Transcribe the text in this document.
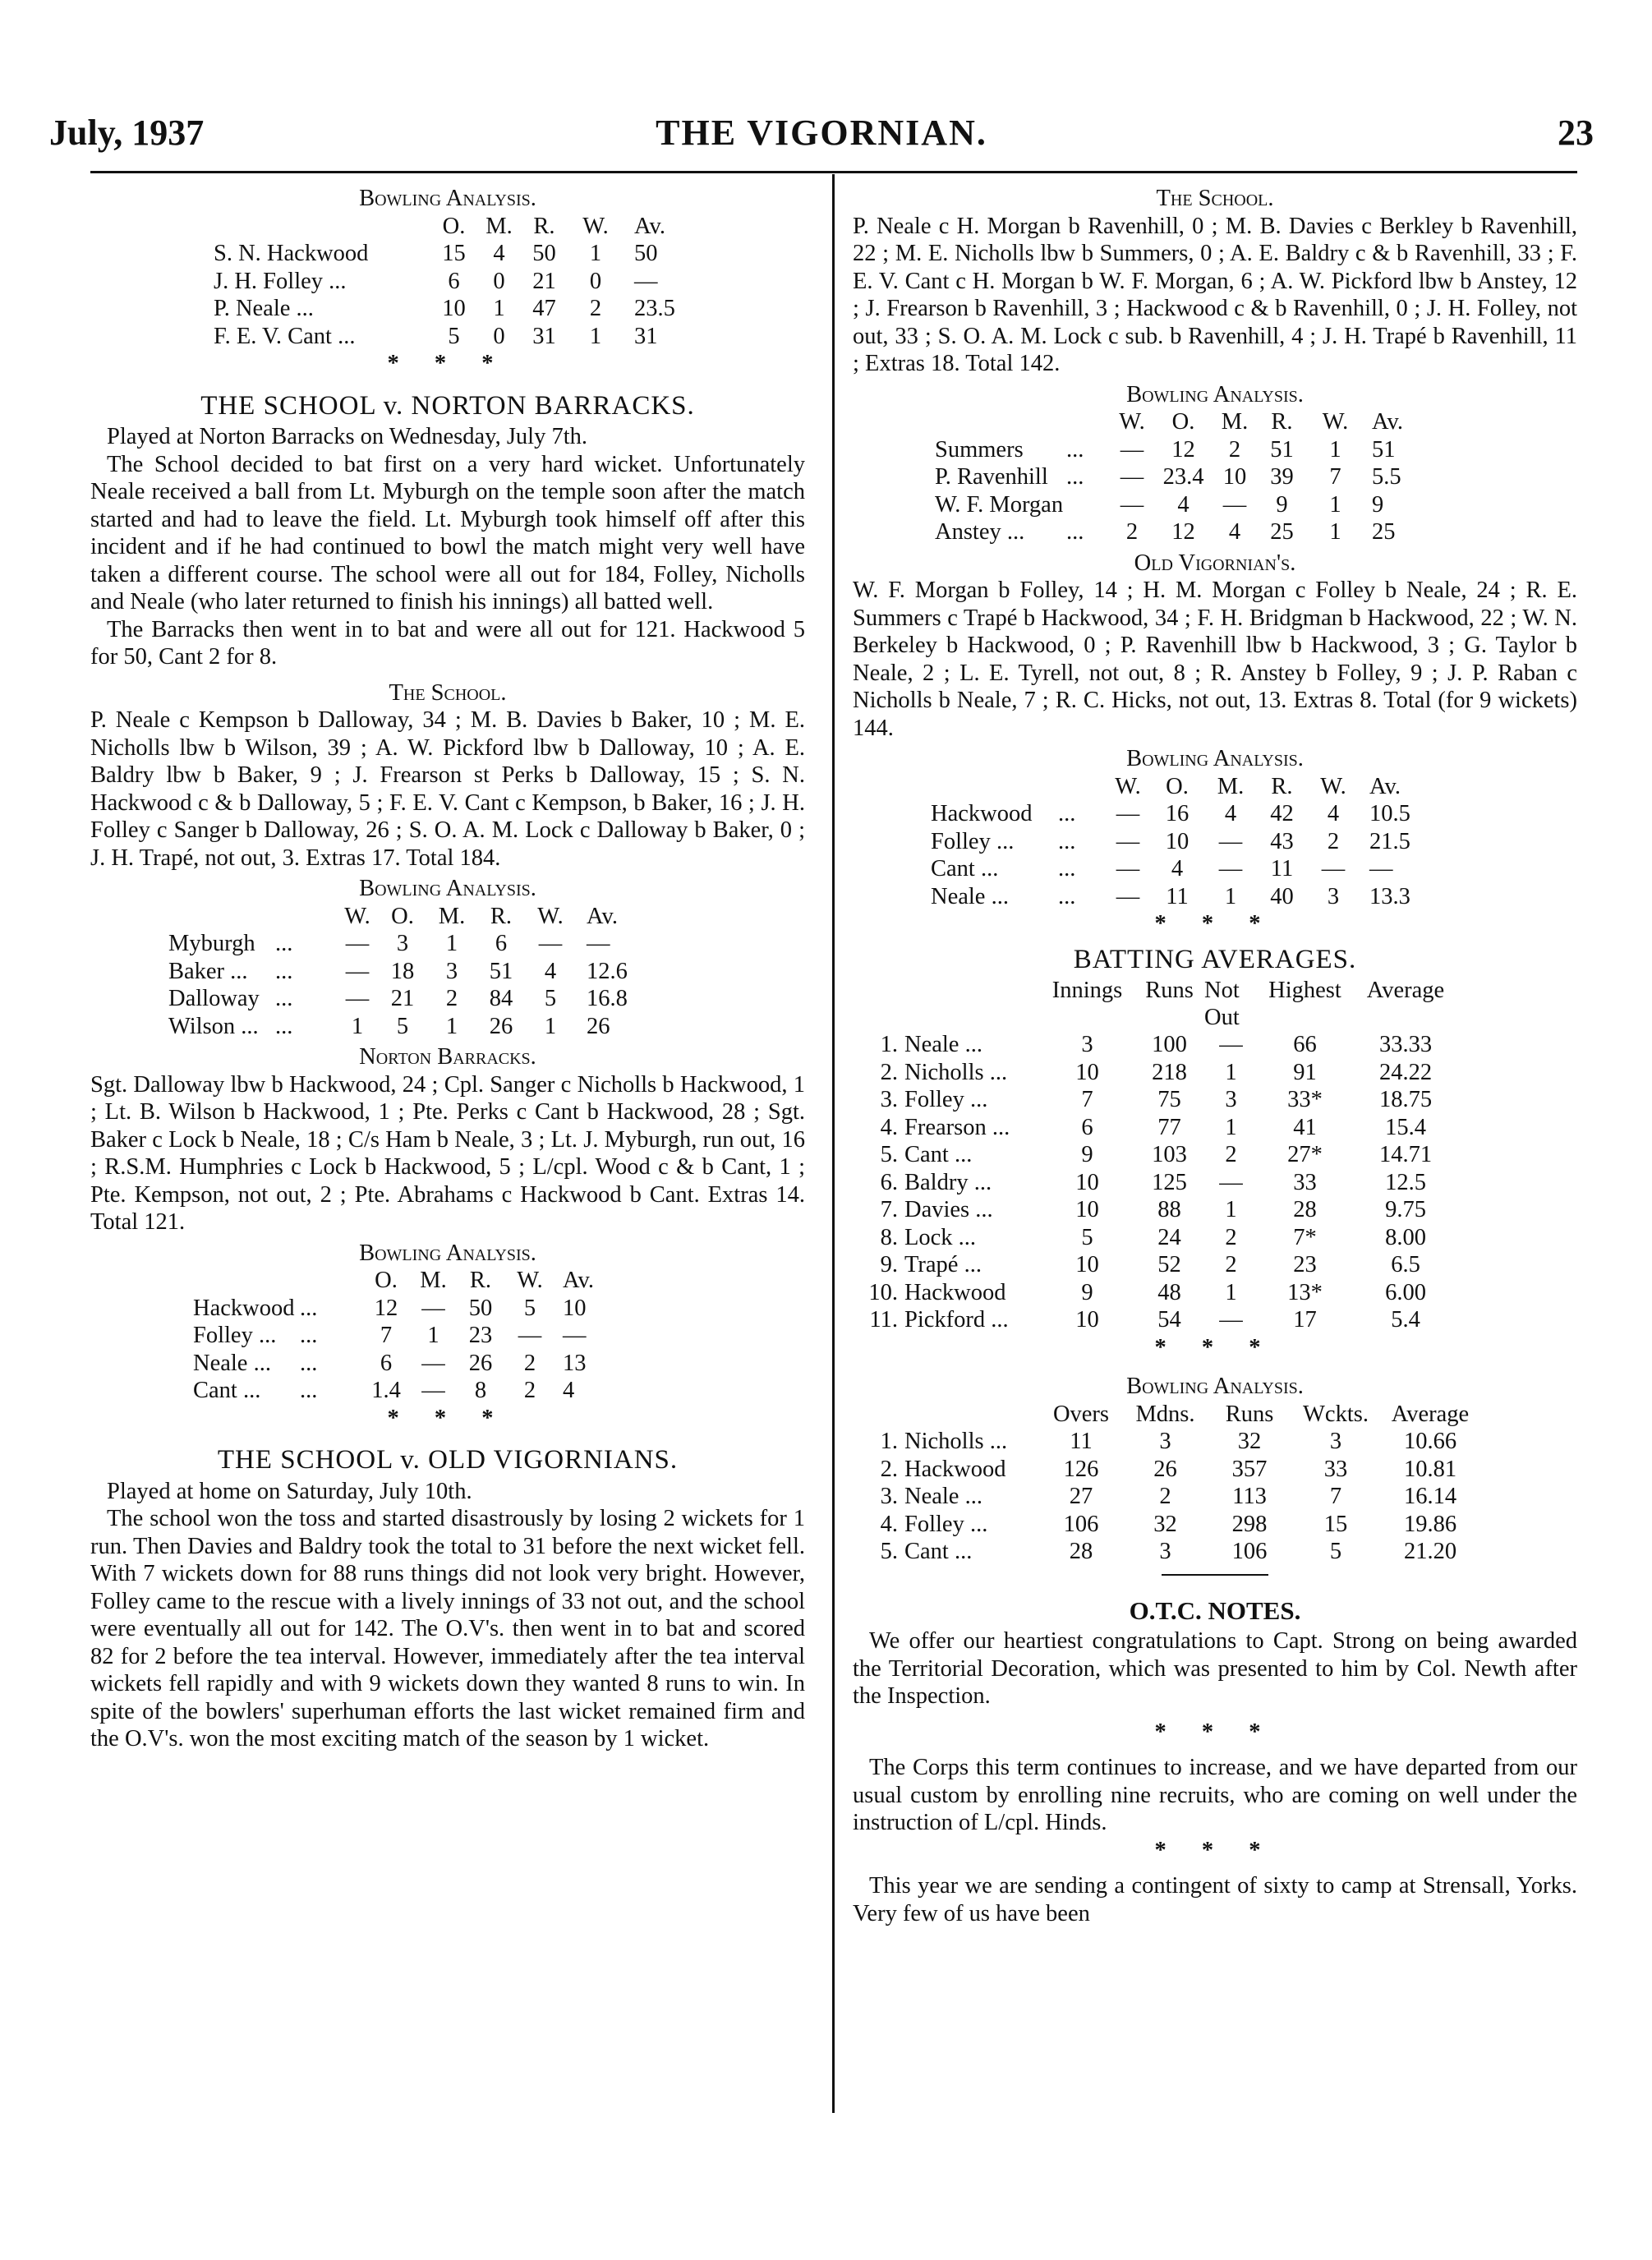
THE VIGORNIAN.
July, 1937	23
Bowling Analysis.
	O.	M.	R.	W.	Av.
S. N. Hackwood	15	4	50	1	50
J. H. Folley ...	6	0	21	0	—
P. Neale ...	10	1	47	2	23.5
F. E. V. Cant ...	5	0	31	1	31
* * *
THE SCHOOL v. NORTON BARRACKS.

Played at Norton Barracks on Wednesday, July 7th.

The School decided to bat first on a very hard wicket. Unfortunately Neale received a ball from Lt. Myburgh on the temple soon after the match started and had to leave the field. Lt. Myburgh took himself off after this incident and if he had continued to bowl the match might very well have taken a different course. The school were all out for 184, Folley, Nicholls and Neale (who later returned to finish his innings) all batted well.

The Barracks then went in to bat and were all out for 121. Hackwood 5 for 50, Cant 2 for 8.

The School.

P. Neale c Kempson b Dalloway, 34 ; M. B. Davies b Baker, 10 ; M. E. Nicholls lbw b Wilson, 39 ; A. W. Pickford lbw b Dalloway, 10 ; A. E. Baldry lbw b Baker, 9 ; J. Frearson st Perks b Dalloway, 15 ; S. N. Hackwood c & b Dalloway, 5 ; F. E. V. Cant c Kempson, b Baker, 16 ; J. H. Folley c Sanger b Dalloway, 26 ; S. O. A. M. Lock c Dalloway b Baker, 0 ; J. H. Trapé, not out, 3. Extras 17. Total 184.

Bowling Analysis.
		W.	O.	M.	R.	W.	Av.
Myburgh	...	—	3	1	6	—	—
Baker ...	...	—	18	3	51	4	12.6
Dalloway	...	—	21	2	84	5	16.8
Wilson ...	...	1	5	1	26	1	26
Norton Barracks.

Sgt. Dalloway lbw b Hackwood, 24 ; Cpl. Sanger c Nicholls b Hackwood, 1 ; Lt. B. Wilson b Hackwood, 1 ; Pte. Perks c Cant b Hackwood, 28 ; Sgt. Baker c Lock b Neale, 18 ; C/s Ham b Neale, 3 ; Lt. J. Myburgh, run out, 16 ; R.S.M. Humphries c Lock b Hackwood, 5 ; L/cpl. Wood c & b Cant, 1 ; Pte. Kempson, not out, 2 ; Pte. Abrahams c Hackwood b Cant. Extras 14. Total 121.

Bowling Analysis.
		O.	M.	R.	W.	Av.
Hackwood	...	12	—	50	5	10
Folley ...	...	7	1	23	—	—
Neale ...	...	6	—	26	2	13
Cant ...	...	1.4	—	8	2	4
* * *
THE SCHOOL v. OLD VIGORNIANS.

Played at home on Saturday, July 10th.

The school won the toss and started disastrously by losing 2 wickets for 1 run. Then Davies and Baldry took the total to 31 before the next wicket fell. With 7 wickets down for 88 runs things did not look very bright. However, Folley came to the rescue with a lively innings of 33 not out, and the school were eventually all out for 142. The O.V's. then went in to bat and scored 82 for 2 before the tea interval. However, immediately after the tea interval wickets fell rapidly and with 9 wickets down they wanted 8 runs to win. In spite of the bowlers' superhuman efforts the last wicket remained firm and the O.V's. won the most exciting match of the season by 1 wicket.

The School.

P. Neale c H. Morgan b Ravenhill, 0 ; M. B. Davies c Berkley b Ravenhill, 22 ; M. E. Nicholls lbw b Summers, 0 ; A. E. Baldry c & b Ravenhill, 33 ; F. E. V. Cant c H. Morgan b W. F. Morgan, 6 ; A. W. Pickford lbw b Anstey, 12 ; J. Frearson b Ravenhill, 3 ; Hackwood c & b Ravenhill, 0 ; J. H. Folley, not out, 33 ; S. O. A. M. Lock c sub. b Ravenhill, 4 ; J. H. Trapé b Ravenhill, 11 ; Extras 18. Total 142.

Bowling Analysis.
		W.	O.	M.	R.	W.	Av.
Summers	...	—	12	2	51	1	51
P. Ravenhill	...	—	23.4	10	39	7	5.5
W. F. Morgan		—	4	—	9	1	9
Anstey ...	...	2	12	4	25	1	25
Old Vigornian's.

W. F. Morgan b Folley, 14 ; H. M. Morgan c Folley b Neale, 24 ; R. E. Summers c Trapé b Hackwood, 34 ; F. H. Bridgman b Hackwood, 22 ; W. N. Berkeley b Hackwood, 0 ; P. Ravenhill lbw b Hackwood, 3 ; G. Taylor b Neale, 2 ; L. E. Tyrell, not out, 8 ; R. Anstey b Folley, 9 ; J. P. Raban c Nicholls b Neale, 7 ; R. C. Hicks, not out, 13. Extras 8. Total (for 9 wickets) 144.

Bowling Analysis.
		W.	O.	M.	R.	W.	Av.
Hackwood	...	—	16	4	42	4	10.5
Folley ...	...	—	10	—	43	2	21.5
Cant ...	...	—	4	—	11	—	—
Neale ...	...	—	11	1	40	3	13.3
* * *
BATTING AVERAGES.
		Innings	Runs	Not Out	Highest	Average
1.	Neale ...	3	100	—	66	33.33
2.	Nicholls ...	10	218	1	91	24.22
3.	Folley ...	7	75	3	33*	18.75
4.	Frearson ...	6	77	1	41	15.4
5.	Cant ...	9	103	2	27*	14.71
6.	Baldry ...	10	125	—	33	12.5
7.	Davies ...	10	88	1	28	9.75
8.	Lock ...	5	24	2	7*	8.00
9.	Trapé ...	10	52	2	23	6.5
10.	Hackwood	9	48	1	13*	6.00
11.	Pickford ...	10	54	—	17	5.4
* * *
Bowling Analysis.
		Overs	Mdns.	Runs	Wckts.	Average
1.	Nicholls ...	11	3	32	3	10.66
2.	Hackwood	126	26	357	33	10.81
3.	Neale ...	27	2	113	7	16.14
4.	Folley ...	106	32	298	15	19.86
5.	Cant ...	28	3	106	5	21.20
O.T.C. NOTES.

We offer our heartiest congratulations to Capt. Strong on being awarded the Territorial Decoration, which was presented to him by Col. Newth after the Inspection.

* * *

The Corps this term continues to increase, and we have departed from our usual custom by enrolling nine recruits, who are coming on well under the instruction of L/cpl. Hinds.

* * *

This year we are sending a contingent of sixty to camp at Strensall, Yorks. Very few of us have been
